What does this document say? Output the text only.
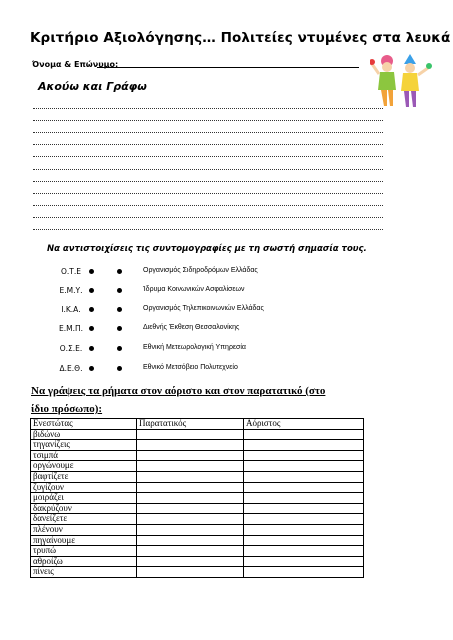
Κριτήριο Αξιολόγησης… Πολιτείες ντυμένες στα λευκά
Όνομα & Επώνυμο:
Ακούω και Γράφω
Να αντιστοιχίσεις τις συντομογραφίες με τη σωστή σημασία τους.
Ο.Τ.Ε	Οργανισμός Σιδηροδρόμων Ελλάδας
Ε.Μ.Υ.	Ίδρυμα Κοινωνικών Ασφαλίσεων
Ι.Κ.Α.	Οργανισμός Τηλεπικοινωνιών Ελλάδας
Ε.Μ.Π.	Διεθνής Έκθεση Θεσσαλονίκης
Ο.Σ.Ε.	Εθνική Μετεωρολογική Υπηρεσία
Δ.Ε.Θ.	Εθνικό Μετσόβειο Πολυτεχνείο
Να γράψεις τα ρήματα στον αόριστο και στον παρατατικό (στο ίδιο πρόσωπο):
Ενεστώτας	Παρατατικός	Αόριστος
βιδώνω		
τηγανίζεις		
τσιμπά		
οργώνουμε		
βαφτίζετε		
ζυγίζουν		
μοιράζει		
δακρύζουν		
δανείζετε		
πλένουν		
πηγαίνουμε		
τρυπώ		
αθροίζω		
πίνεις		
